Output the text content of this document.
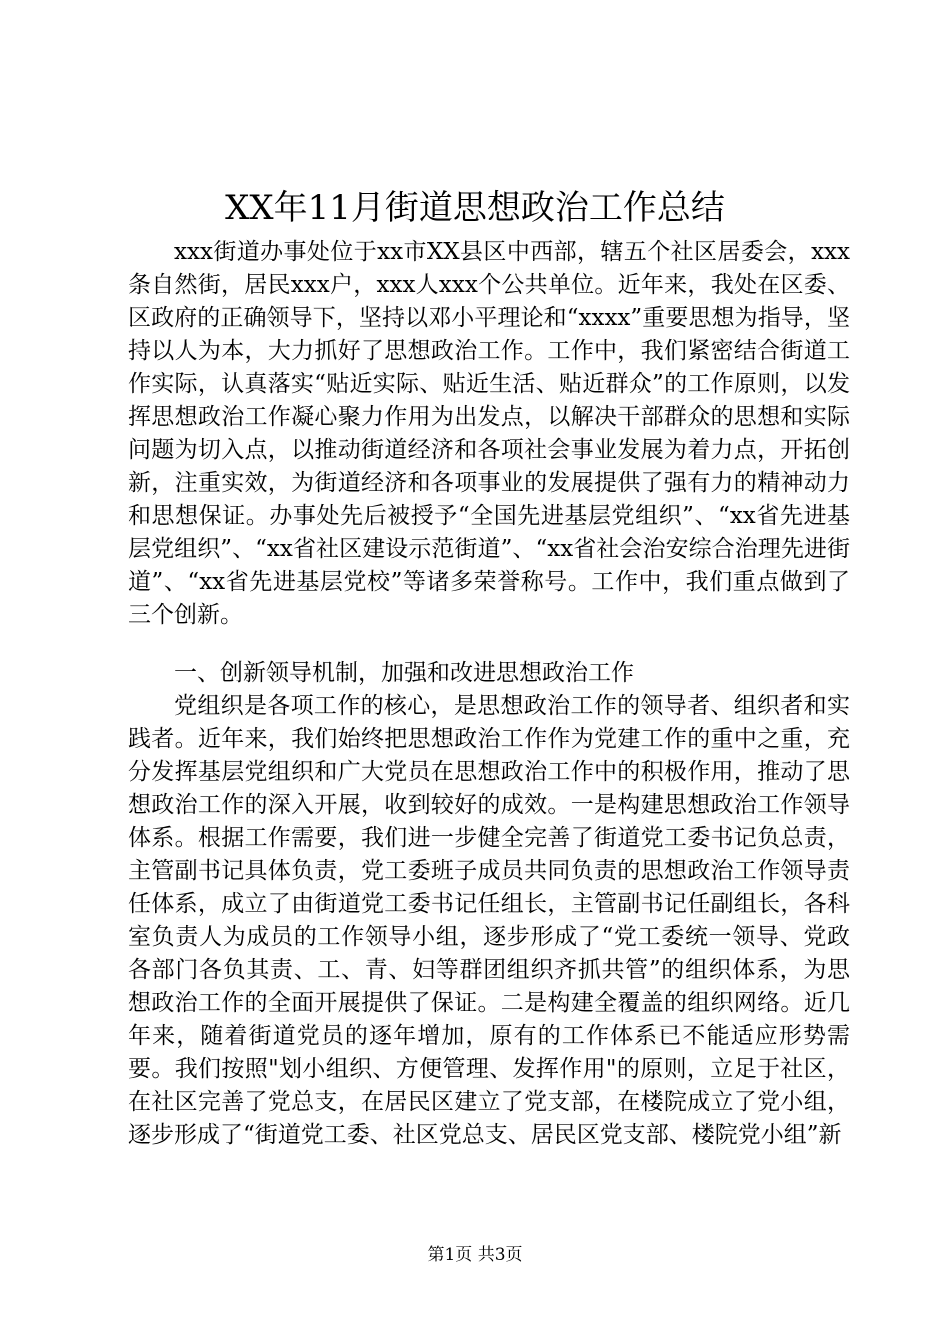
XX年11月街道思想政治工作总结

xxx街道办事处位于xx市XX县区中西部，辖五个社区居委会，xxx条自然街，居民xxx户，xxx人xxx个公共单位。近年来，我处在区委、区政府的正确领导下，坚持以邓小平理论和“xxxx”重要思想为指导，坚持以人为本，大力抓好了思想政治工作。工作中，我们紧密结合街道工作实际，认真落实“贴近实际、贴近生活、贴近群众”的工作原则，以发挥思想政治工作凝心聚力作用为出发点，以解决干部群众的思想和实际问题为切入点，以推动街道经济和各项社会事业发展为着力点，开拓创新，注重实效，为街道经济和各项事业的发展提供了强有力的精神动力和思想保证。办事处先后被授予“全国先进基层党组织”、“xx省先进基层党组织”、“xx省社区建设示范街道”、“xx省社会治安综合治理先进街道”、“xx省先进基层党校”等诸多荣誉称号。工作中，我们重点做到了三个创新。

一、创新领导机制，加强和改进思想政治工作

党组织是各项工作的核心，是思想政治工作的领导者、组织者和实践者。近年来，我们始终把思想政治工作作为党建工作的重中之重，充分发挥基层党组织和广大党员在思想政治工作中的积极作用，推动了思想政治工作的深入开展，收到较好的成效。一是构建思想政治工作领导体系。根据工作需要，我们进一步健全完善了街道党工委书记负总责，主管副书记具体负责，党工委班子成员共同负责的思想政治工作领导责任体系，成立了由街道党工委书记任组长，主管副书记任副组长，各科室负责人为成员的工作领导小组，逐步形成了“党工委统一领导、党政各部门各负其责、工、青、妇等群团组织齐抓共管”的组织体系，为思想政治工作的全面开展提供了保证。二是构建全覆盖的组织网络。近几年来，随着街道党员的逐年增加，原有的工作体系已不能适应形势需要。我们按照"划小组织、方便管理、发挥作用"的原则，立足于社区，在社区完善了党总支，在居民区建立了党支部，在楼院成立了党小组，逐步形成了“街道党工委、社区党总支、居民区党支部、楼院党小组”新

第1页 共3页
